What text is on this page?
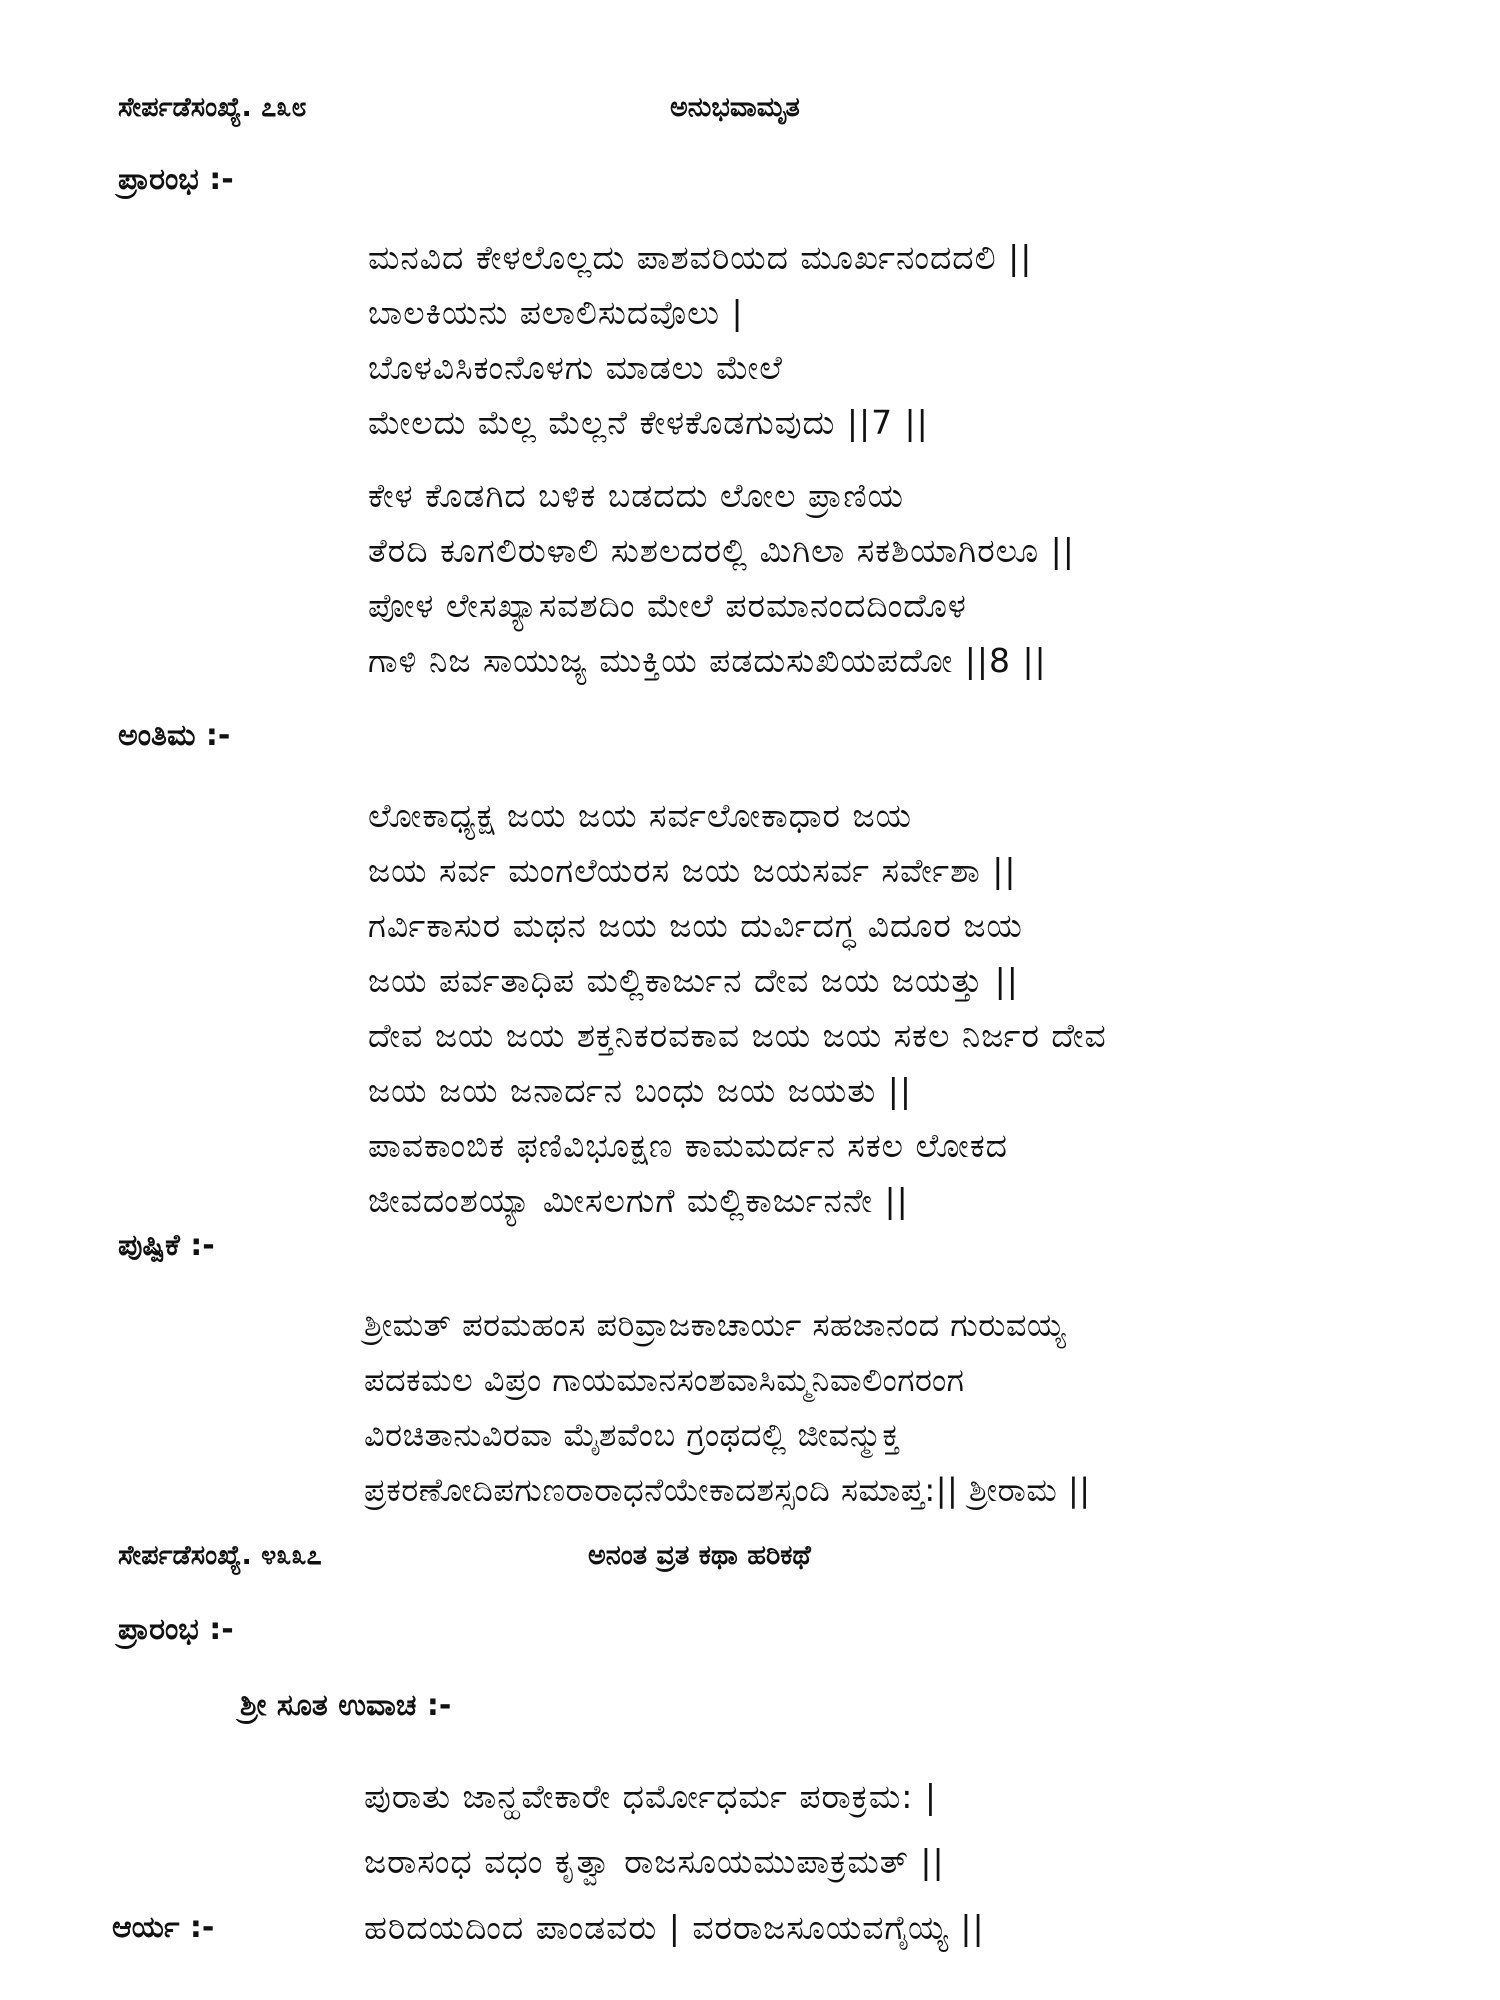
ಸೇರ್ಪಡೆಸಂಖ್ಯೆ. ೭೩೮	ಅನುಭವಾಮೃತ
ಪ್ರಾರಂಭ :-
ಮನವಿದ ಕೇಳಲೊಲ್ಲದು ಪಾಶವರಿಯದ ಮೂರ್ಖನಂದದಲಿ ||
ಬಾಲಕಿಯನು ಪಲಾಲಿಸುದವೊಲು |
ಬೊಳವಿಸಿಕಂನೊಳಗು ಮಾಡಲು ಮೇಲೆ
ಮೇಲದು ಮೆಲ್ಲ ಮೆಲ್ಲನೆ ಕೇಳಕೊಡಗುವುದು ||7 ||
ಕೇಳ ಕೊಡಗಿದ ಬಳಿಕ ಬಡದದು ಲೋಲ ಪ್ರಾಣಿಯ
ತೆರದಿ ಕೂಗಲಿರುಳಾಲಿ ಸುಶಲದರಲ್ಲಿ ಮಿಗಿಲಾ ಸಕಶಿಯಾಗಿರಲೂ ||
ಪೋಳ ಲೇಸಖ್ಯಾಸವಶದಿಂ ಮೇಲೆ ಪರಮಾನಂದದಿಂದೊಳ
ಗಾಳಿ ನಿಜ ಸಾಯುಜ್ಯ ಮುಕ್ತಿಯ ಪಡದುಸುಖಿಯಪದೋ ||8 ||
ಅಂತಿಮ :-
ಲೋಕಾಧ್ಯಕ್ಷ ಜಯ ಜಯ ಸರ್ವಲೋಕಾಧಾರ ಜಯ
ಜಯ ಸರ್ವ ಮಂಗಲೆಯರಸ ಜಯ ಜಯಸರ್ವ ಸರ್ವೇಶಾ ||
ಗರ್ವಿಕಾಸುರ ಮಥನ ಜಯ ಜಯ ದುರ್ವಿದಗ್ಧ ವಿದೂರ ಜಯ
ಜಯ ಪರ್ವತಾಧಿಪ ಮಲ್ಲಿಕಾರ್ಜುನ ದೇವ ಜಯ ಜಯತ್ತು ||
ದೇವ ಜಯ ಜಯ ಶಕ್ತನಿಕರವಕಾವ ಜಯ ಜಯ ಸಕಲ ನಿರ್ಜರ ದೇವ
ಜಯ ಜಯ ಜನಾರ್ದನ ಬಂಧು ಜಯ ಜಯತು ||
ಪಾವಕಾಂಬಿಕ ಫಣಿವಿಭೂಕ್ಷಣ ಕಾಮಮರ್ದನ ಸಕಲ ಲೋಕದ
ಜೀವದಂಶಯ್ಯಾ ಮೀಸಲಗುಗೆ ಮಲ್ಲಿಕಾರ್ಜುನನೇ ||
ಪುಷ್ಪಿಕೆ :-
ಶ್ರೀಮತ್ ಪರಮಹಂಸ ಪರಿವ್ರಾಜಕಾಚಾರ್ಯ ಸಹಜಾನಂದ ಗುರುವಯ್ಯ
ಪದಕಮಲ ವಿಪ್ರಂ ಗಾಯಮಾನಸಂಶವಾಸಿಮ್ಮನಿವಾಲಿಂಗರಂಗ
ವಿರಚಿತಾನುವಿರವಾ ಮೈಶವೆಂಬ ಗ್ರಂಥದಲ್ಲಿ ಜೀವನ್ಮುಕ್ತ
ಪ್ರಕರಣೋದಿಪಗುಣರಾರಾಧನೆಯೇಕಾದಶಸ್ಸಂದಿ ಸಮಾಪ್ತ:|| ಶ್ರೀರಾಮ ||
ಸೇರ್ಪಡೆಸಂಖ್ಯೆ. ೪೩೩೭	ಅನಂತ ವ್ರತ ಕಥಾ ಹರಿಕಥೆ
ಪ್ರಾರಂಭ :-
ಶ್ರೀ ಸೂತ ಉವಾಚ :-
ಪುರಾತು ಜಾನ್ಹವೇಕಾರೇ ಧರ್ಮೋಧರ್ಮ ಪರಾಕ್ರಮ: |
ಜರಾಸಂಧ ವಧಂ ಕೃತ್ವಾ ರಾಜಸೂಯಮುಪಾಕ್ರಮತ್ ||
ಆರ್ಯ :-	ಹರಿದಯದಿಂದ ಪಾಂಡವರು | ವರರಾಜಸೂಯವಗೈಯ್ಯ ||
